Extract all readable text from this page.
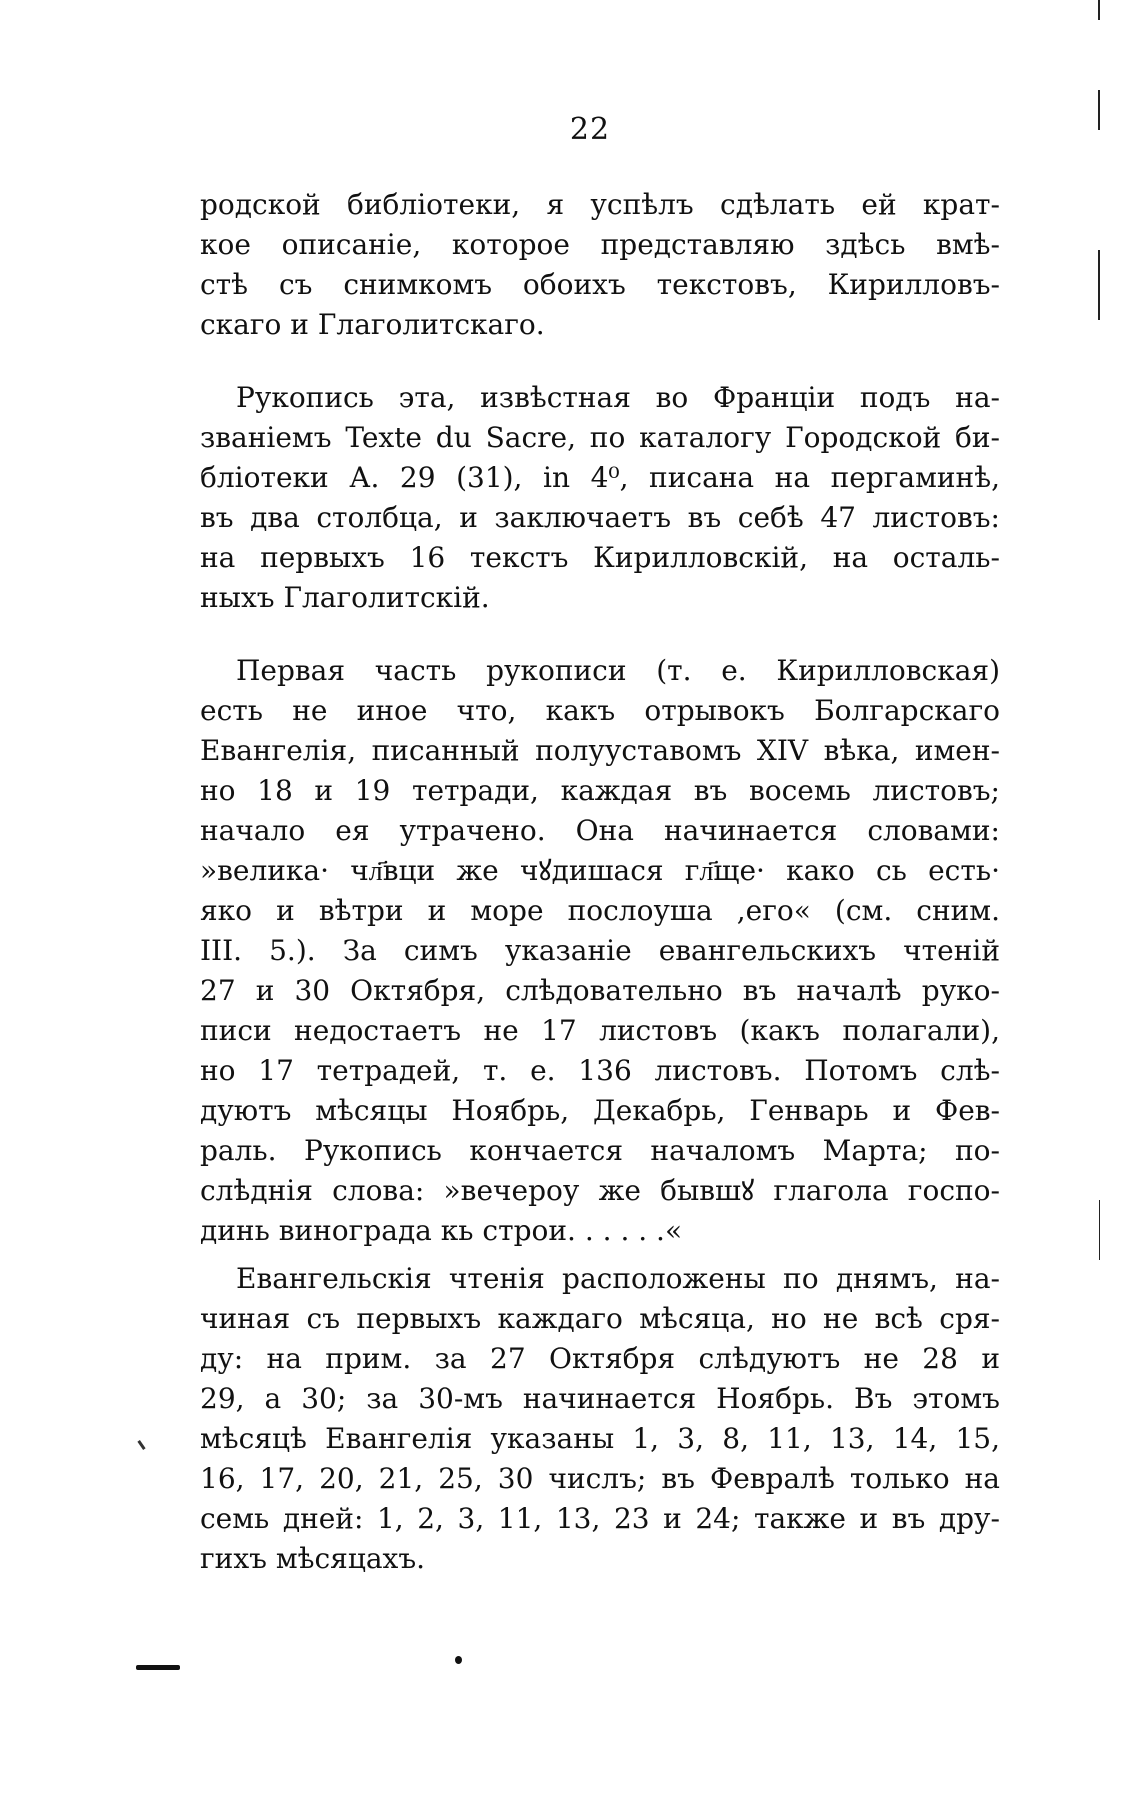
22
родской библіотеки, я успѣлъ сдѣлать ей крат-
кое описаніе, которое представляю здѣсь вмѣ-
стѣ съ снимкомъ обоихъ текстовъ, Кирилловъ-
скаго и Глаголитскаго.
Рукопись эта, извѣстная во Франціи подъ на-
званіемъ Texte du Sacre, по каталогу Городской би-
бліотеки А. 29 (31), in 4⁰, писана на пергаминѣ,
въ два столбца, и заключаетъ въ себѣ 47 листовъ:
на первыхъ 16 текстъ Кирилловскій, на осталь-
ныхъ Глаголитскій.
Первая часть рукописи (т. е. Кирилловская)
есть не иное что, какъ отрывокъ Болгарскаго
Евангелія, писанный полууставомъ XIV вѣка, имен-
но 18 и 19 тетради, каждая въ восемь листовъ;
начало ея утрачено. Она начинается словами:
»велика· чл҃вци же чꙋдишася гл҃ще· како сь есть·
яко и вѣтри и море послоуша ,его« (см. сним.
III. 5.). За симъ указаніе евангельскихъ чтеній
27 и 30 Октября, слѣдовательно въ началѣ руко-
писи недостаетъ не 17 листовъ (какъ полагали),
но 17 тетрадей, т. е. 136 листовъ. Потомъ слѣ-
дуютъ мѣсяцы Ноябрь, Декабрь, Генварь и Фев-
раль. Рукопись кончается началомъ Марта; по-
слѣднія слова: »вечероу же бывшꙋ глагола госпо-
динь винограда кь строи. . . . . .«
Евангельскія чтенія расположены по днямъ, на-
чиная съ первыхъ каждаго мѣсяца, но не всѣ сря-
ду: на прим. за 27 Октября слѣдуютъ не 28 и
29, а 30; за 30-мъ начинается Ноябрь. Въ этомъ
мѣсяцѣ Евангелія указаны 1, 3, 8, 11, 13, 14, 15,
16, 17, 20, 21, 25, 30 числъ; въ Февралѣ только на
семь дней: 1, 2, 3, 11, 13, 23 и 24; также и въ дру-
гихъ мѣсяцахъ.
